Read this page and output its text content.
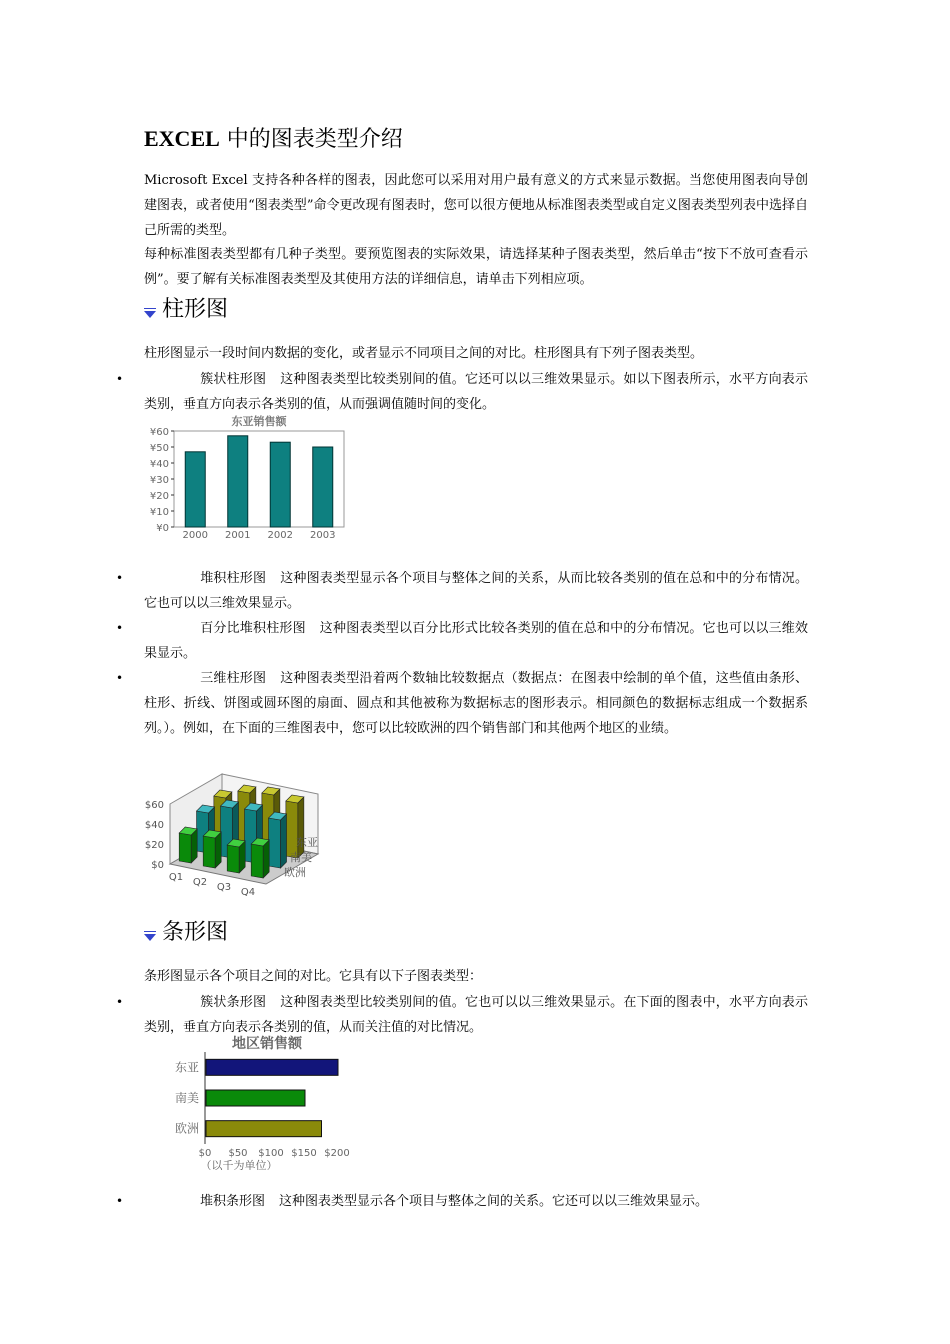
EXCEL 中的图表类型介绍
Microsoft Excel 支持各种各样的图表，因此您可以采用对用户最有意义的方式来显示数据。当您使用图表向导创建图表，或者使用“图表类型”命令更改现有图表时，您可以很方便地从标准图表类型或自定义图表类型列表中选择自己所需的类型。
每种标准图表类型都有几种子类型。要预览图表的实际效果，请选择某种子图表类型，然后单击“按下不放可查看示例”。要了解有关标准图表类型及其使用方法的详细信息，请单击下列相应项。
柱形图
柱形图显示一段时间内数据的变化，或者显示不同项目之间的对比。柱形图具有下列子图表类型。
•	簇状柱形图 这种图表类型比较类别间的值。它还可以以三维效果显示。如以下图表所示，水平方向表示类别，垂直方向表示各类别的值，从而强调值随时间的变化。
东亚销售额
¥0
¥10
¥20
¥30
¥40
¥50
¥60
2000 2001 2002 2003
•	堆积柱形图 这种图表类型显示各个项目与整体之间的关系，从而比较各类别的值在总和中的分布情况。它也可以以三维效果显示。
•	百分比堆积柱形图 这种图表类型以百分比形式比较各类别的值在总和中的分布情况。它也可以以三维效果显示。
•	三维柱形图 这种图表类型沿着两个数轴比较数据点（数据点：在图表中绘制的单个值，这些值由条形、柱形、折线、饼图或圆环图的扇面、圆点和其他被称为数据标志的图形表示。相同颜色的数据标志组成一个数据系列。）。例如，在下面的三维图表中，您可以比较欧洲的四个销售部门和其他两个地区的业绩。
$0
$20
$40
$60
Q1 Q2 Q3 Q4
东亚
南美
欧洲
条形图
条形图显示各个项目之间的对比。它具有以下子图表类型：
•	簇状条形图 这种图表类型比较类别间的值。它也可以以三维效果显示。在下面的图表中，水平方向表示类别，垂直方向表示各类别的值，从而关注值的对比情况。
地区销售额
东亚
南美
欧洲
$0 $50 $100 $150 $200
（以千为单位）
•	堆积条形图 这种图表类型显示各个项目与整体之间的关系。它还可以以三维效果显示。
